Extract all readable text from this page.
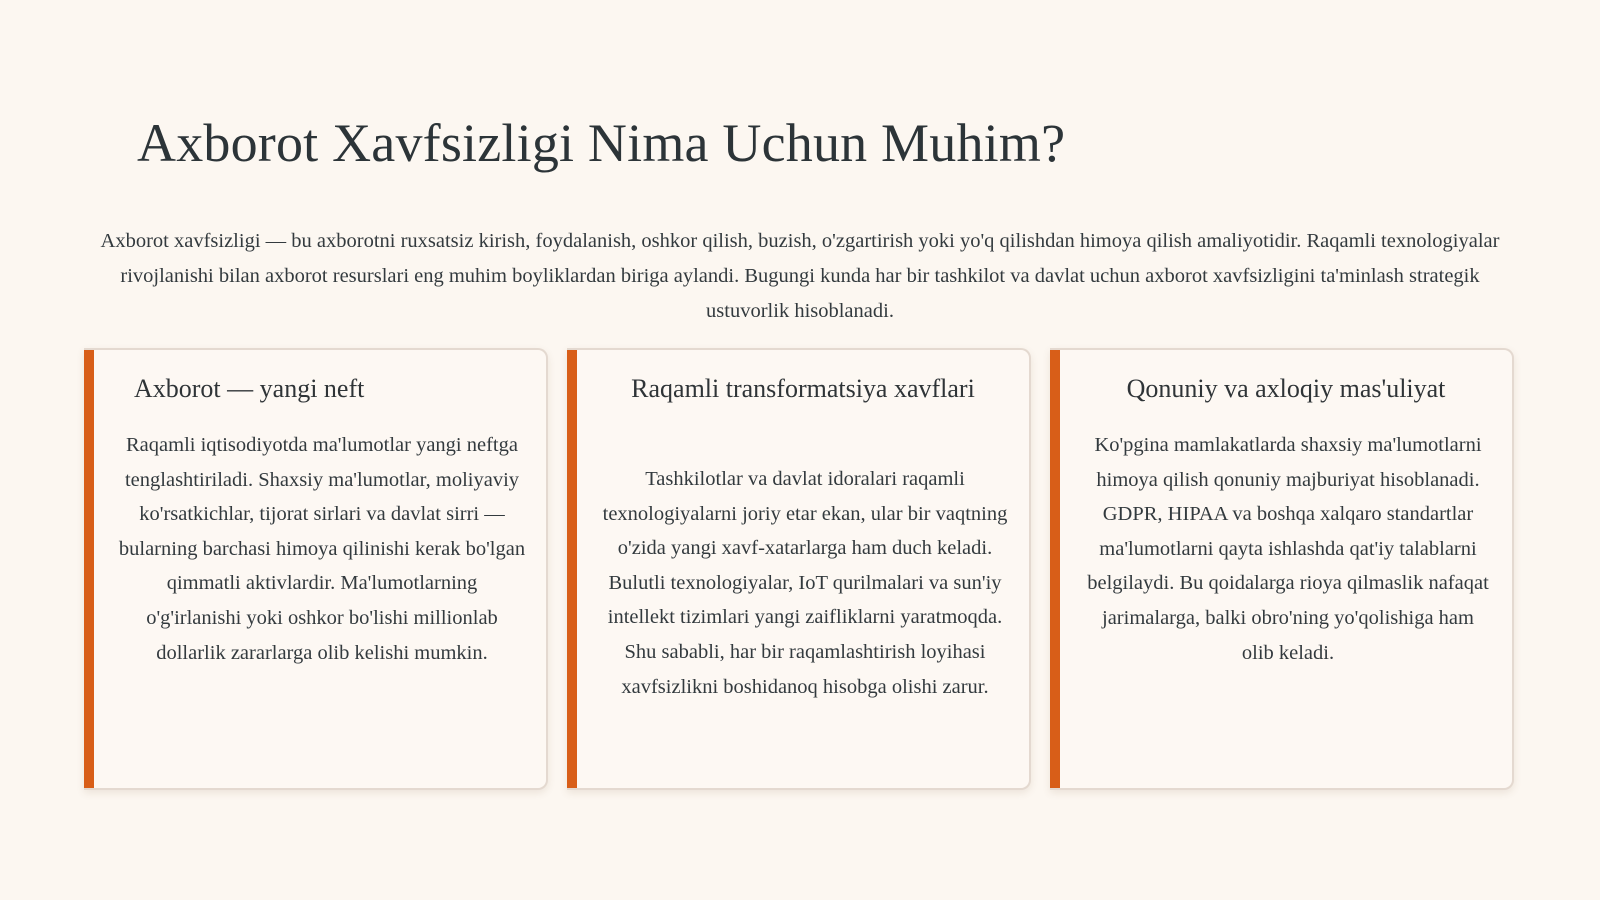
Axborot Xavfsizligi Nima Uchun Muhim?

Axborot xavfsizligi — bu axborotni ruxsatsiz kirish, foydalanish, oshkor qilish, buzish, o'zgartirish yoki yo'q qilishdan himoya qilish amaliyotidir. Raqamli texnologiyalar rivojlanishi bilan axborot resurslari eng muhim boyliklardan biriga aylandi. Bugungi kunda har bir tashkilot va davlat uchun axborot xavfsizligini ta'minlash strategik ustuvorlik hisoblanadi.

Axborot — yangi neft

Raqamli iqtisodiyotda ma'lumotlar yangi neftga tenglashtiriladi. Shaxsiy ma'lumotlar, moliyaviy ko'rsatkichlar, tijorat sirlari va davlat sirri — bularning barchasi himoya qilinishi kerak bo'lgan qimmatli aktivlardir. Ma'lumotlarning o'g'irlanishi yoki oshkor bo'lishi millionlab dollarlik zararlarga olib kelishi mumkin.

Raqamli transformatsiya xavflari

Tashkilotlar va davlat idoralari raqamli texnologiyalarni joriy etar ekan, ular bir vaqtning o'zida yangi xavf-xatarlarga ham duch keladi. Bulutli texnologiyalar, IoT qurilmalari va sun'iy intellekt tizimlari yangi zaifliklarni yaratmoqda. Shu sababli, har bir raqamlashtirish loyihasi xavfsizlikni boshidanoq hisobga olishi zarur.

Qonuniy va axloqiy mas'uliyat

Ko'pgina mamlakatlarda shaxsiy ma'lumotlarni himoya qilish qonuniy majburiyat hisoblanadi. GDPR, HIPAA va boshqa xalqaro standartlar ma'lumotlarni qayta ishlashda qat'iy talablarni belgilaydi. Bu qoidalarga rioya qilmaslik nafaqat jarimalarga, balki obro'ning yo'qolishiga ham olib keladi.
